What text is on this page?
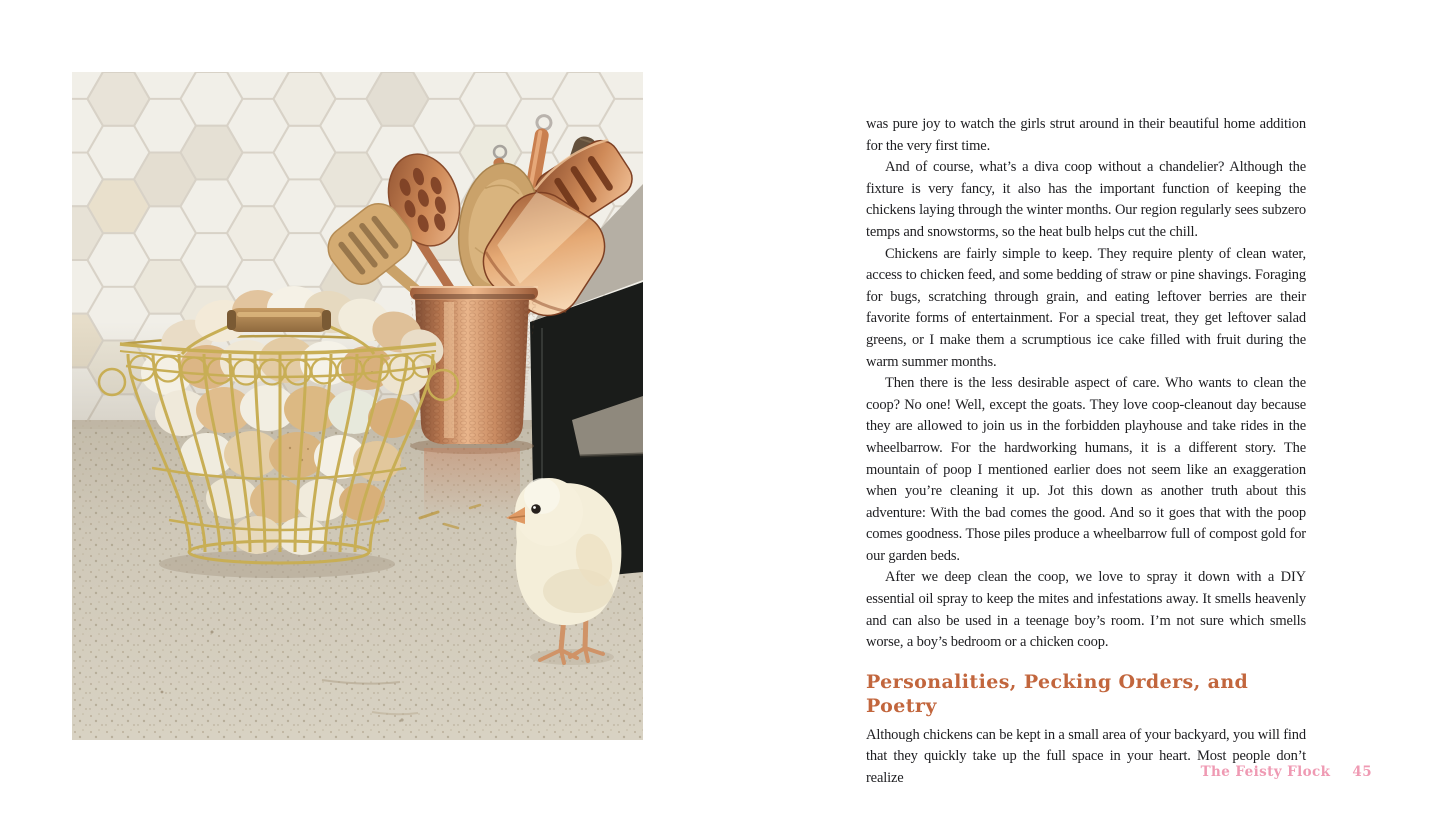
was pure joy to watch the girls strut around in their beautiful home addition for the very first time.

And of course, what’s a diva coop without a chandelier? Although the fixture is very fancy, it also has the important function of keeping the chickens laying through the winter months. Our region regularly sees subzero temps and snowstorms, so the heat bulb helps cut the chill.

Chickens are fairly simple to keep. They require plenty of clean water, access to chicken feed, and some bedding of straw or pine shavings. Foraging for bugs, scratching through grain, and eating leftover berries are their favorite forms of entertainment. For a special treat, they get leftover salad greens, or I make them a scrumptious ice cake filled with fruit during the warm summer months.

Then there is the less desirable aspect of care. Who wants to clean the coop? No one! Well, except the goats. They love coop-cleanout day because they are allowed to join us in the forbidden playhouse and take rides in the wheelbarrow. For the hardworking humans, it is a different story. The mountain of poop I mentioned earlier does not seem like an exaggeration when you’re cleaning it up. Jot this down as another truth about this adventure: With the bad comes the good. And so it goes that with the poop comes goodness. Those piles produce a wheelbarrow full of compost gold for our garden beds.

After we deep clean the coop, we love to spray it down with a DIY essential oil spray to keep the mites and infestations away. It smells heavenly and can also be used in a teenage boy’s room. I’m not sure which smells worse, a boy’s bedroom or a chicken coop.

Personalities, Pecking Orders, and Poetry

Although chickens can be kept in a small area of your backyard, you will find that they quickly take up the full space in your heart. Most people don’t realize	The Feisty Flock 45
